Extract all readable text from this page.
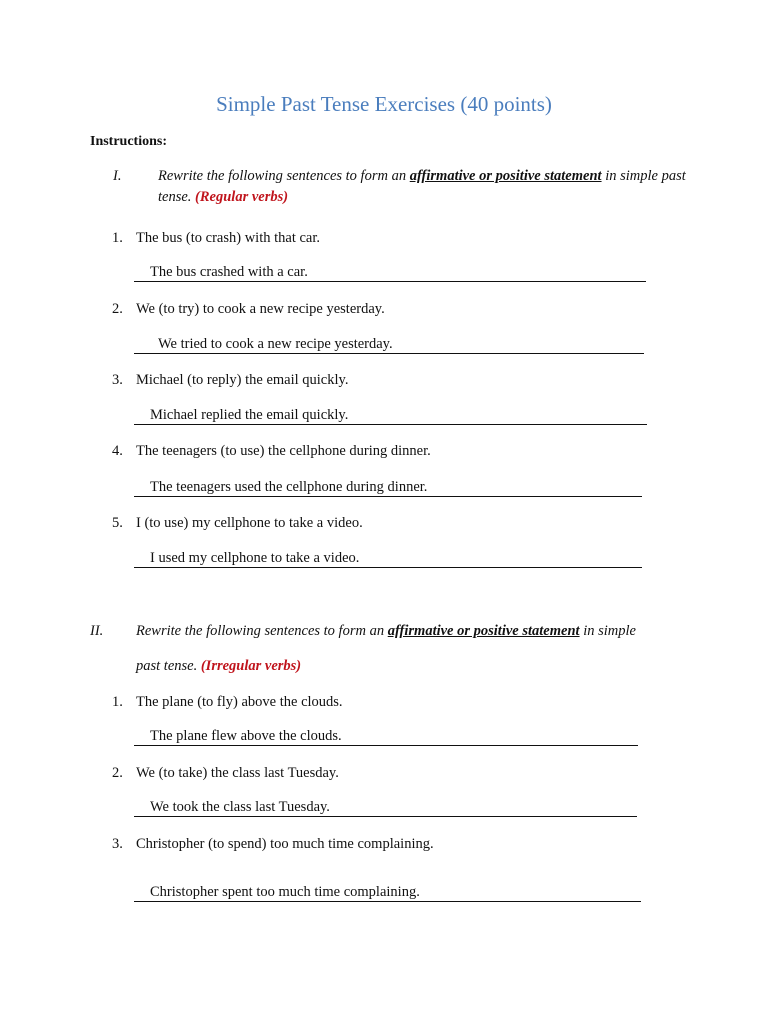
Simple Past Tense Exercises (40 points)
Instructions:
I.	Rewrite the following sentences to form an affirmative or positive statement in simple past tense. (Regular verbs)
1. The bus (to crash) with that car.
The bus crashed with a car.
2. We (to try) to cook a new recipe yesterday.
We tried to cook a new recipe yesterday.
3. Michael (to reply) the email quickly.
Michael replied the email quickly.
4. The teenagers (to use) the cellphone during dinner.
The teenagers used the cellphone during dinner.
5. I (to use) my cellphone to take a video.
I used my cellphone to take a video.
II. Rewrite the following sentences to form an affirmative or positive statement in simple
past tense. (Irregular verbs)
1. The plane (to fly) above the clouds.
The plane flew above the clouds.
2. We (to take) the class last Tuesday.
We took the class last Tuesday.
3. Christopher (to spend) too much time complaining.
Christopher spent too much time complaining.
